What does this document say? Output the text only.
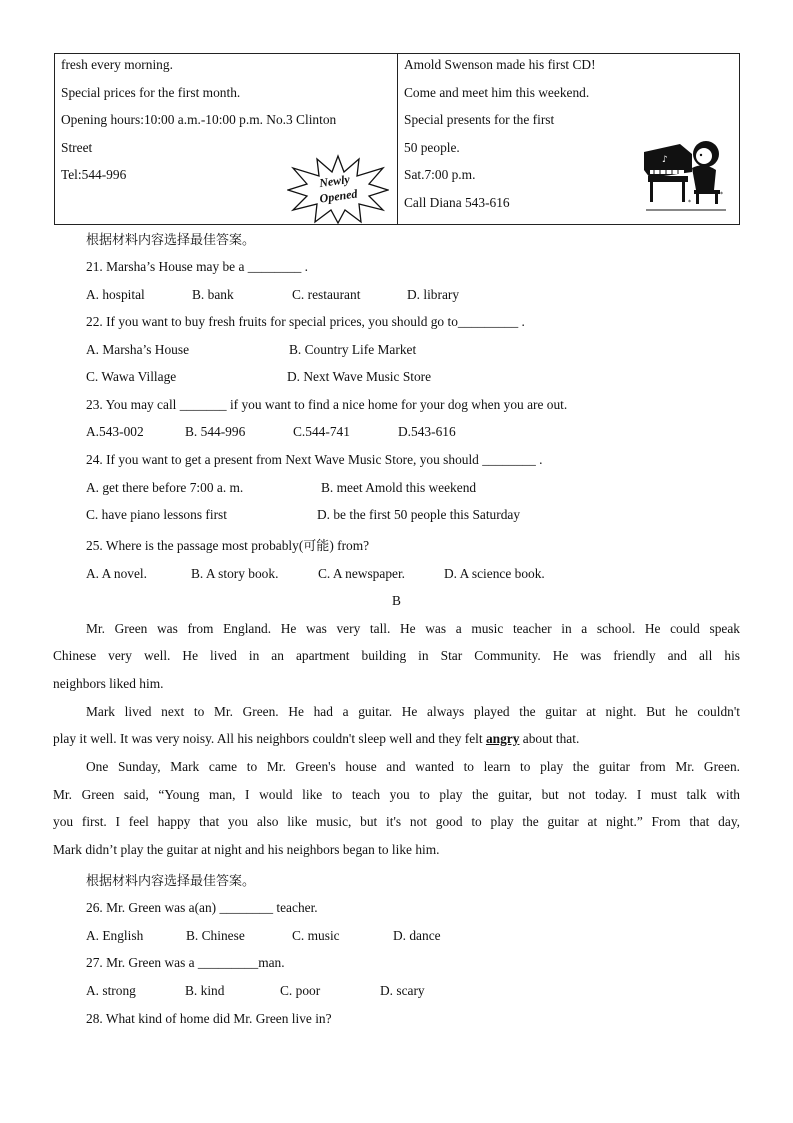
fresh every morning.
Special prices for the first month.
Opening hours:10:00 a.m.-10:00 p.m. No.3 Clinton
Street
Tel:544-996	Newly
Opened
Amold Swenson made his first CD!
Come and meet him this weekend.
Special presents for the first
50 people.
Sat.7:00 p.m.
Call Diana 543-616
♪
*
*
根据材料内容选择最佳答案。
21. Marsha’s House may be a ________ .
A. hospital	B. bank	C. restaurant	D. library
22. If you want to buy fresh fruits for special prices, you should go to_________ .
A. Marsha’s House	B. Country Life Market
C. Wawa Village	D. Next Wave Music Store
23. You may call _______ if you want to find a nice home for your dog when you are out.
A.543-002	B. 544-996	C.544-741	D.543-616
24. If you want to get a present from Next Wave Music Store, you should ________ .
A. get there before 7:00 a. m.	B. meet Amold this weekend
C. have piano lessons first	D. be the first 50 people this Saturday
25. Where is the passage most probably(可能) from?
A. A novel.	B. A story book.	C. A newspaper.	D. A science book.
B
Mr. Green was from England. He was very tall. He was a music teacher in a school. He could speak
Chinese very well. He lived in an apartment building in Star Community. He was friendly and all his
neighbors liked him.
Mark lived next to Mr. Green. He had a guitar. He always played the guitar at night. But he couldn't
play it well. It was very noisy. All his neighbors couldn't sleep well and they felt angry about that.
One Sunday, Mark came to Mr. Green's house and wanted to learn to play the guitar from Mr. Green.
Mr. Green said, “Young man, I would like to teach you to play the guitar, but not today. I must talk with
you first. I feel happy that you also like music, but it's not good to play the guitar at night.” From that day,
Mark didn’t play the guitar at night and his neighbors began to like him.
根据材料内容选择最佳答案。
26. Mr. Green was a(an) ________ teacher.
A. English	B. Chinese	C. music	D. dance
27. Mr. Green was a _________man.
A. strong	B. kind	C. poor	D. scary
28. What kind of home did Mr. Green live in?
